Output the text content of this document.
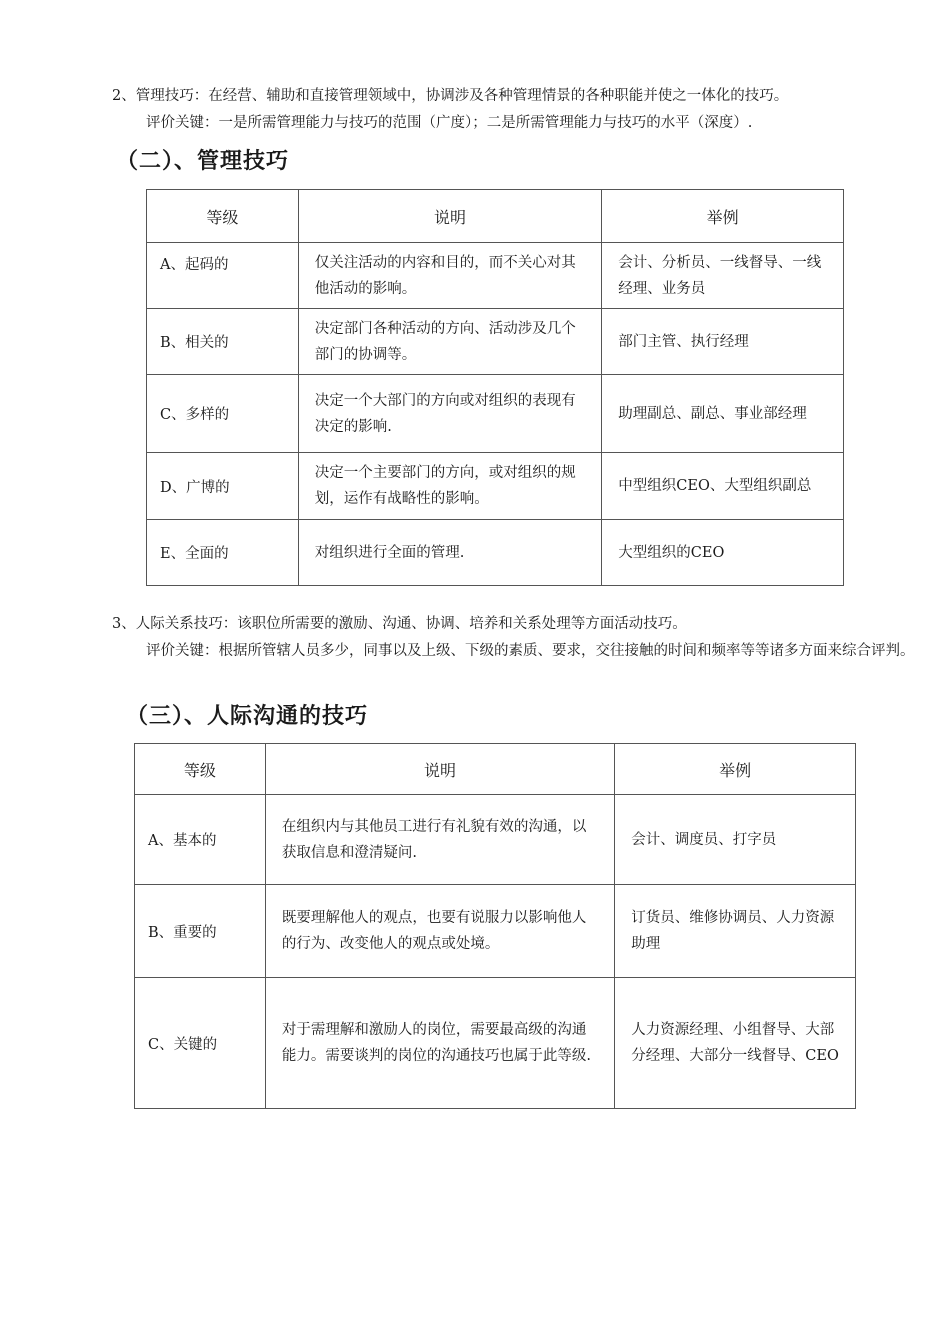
2、管理技巧：在经营、辅助和直接管理领域中，协调涉及各种管理情景的各种职能并使之一体化的技巧。
评价关键：一是所需管理能力与技巧的范围（广度）；二是所需管理能力与技巧的水平（深度）.
（二）、管理技巧
等级	说明	举例
A、起码的	仅关注活动的内容和目的，而不关心对其他活动的影响。	会计、分析员、一线督导、一线经理、业务员
B、相关的	决定部门各种活动的方向、活动涉及几个部门的协调等。	部门主管、执行经理
C、多样的	决定一个大部门的方向或对组织的表现有决定的影响.	助理副总、副总、事业部经理
D、广博的	决定一个主要部门的方向，或对组织的规划，运作有战略性的影响。	中型组织CEO、大型组织副总
E、全面的	对组织进行全面的管理.	大型组织的CEO
3、人际关系技巧：该职位所需要的激励、沟通、协调、培养和关系处理等方面活动技巧。
评价关键：根据所管辖人员多少，同事以及上级、下级的素质、要求，交往接触的时间和频率等等诸多方面来综合评判。
（三）、人际沟通的技巧
等级	说明	举例
A、基本的	在组织内与其他员工进行有礼貌有效的沟通，以获取信息和澄清疑问.	会计、调度员、打字员
B、重要的	既要理解他人的观点，也要有说服力以影响他人的行为、改变他人的观点或处境。	订货员、维修协调员、人力资源助理
C、关键的	对于需理解和激励人的岗位，需要最高级的沟通能力。需要谈判的岗位的沟通技巧也属于此等级.	人力资源经理、小组督导、大部分经理、大部分一线督导、CEO
